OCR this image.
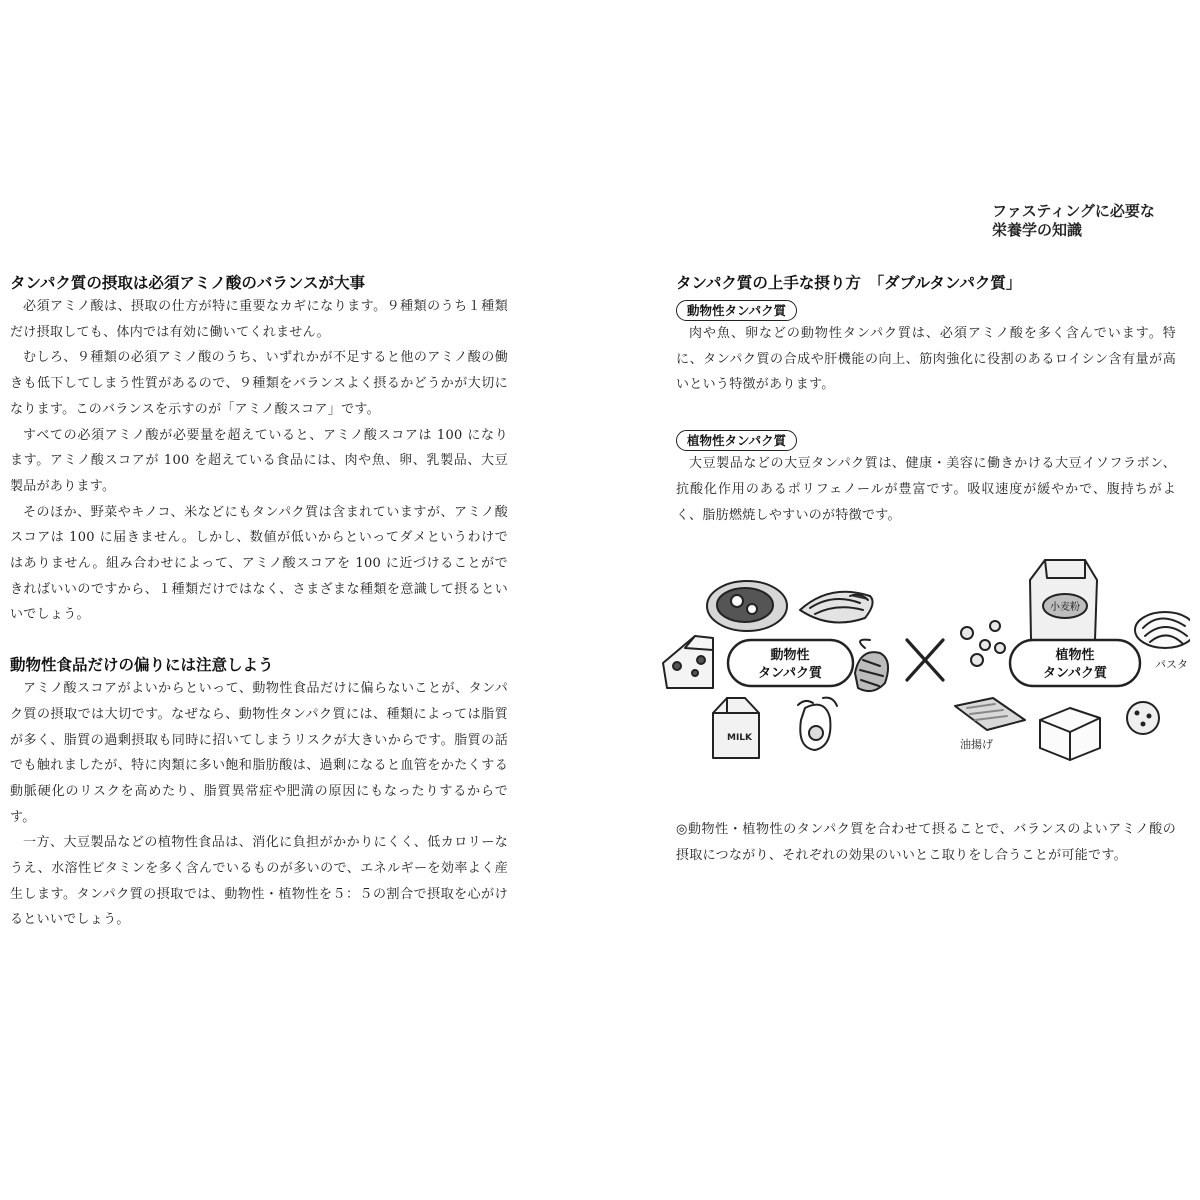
ファスティングに必要な
栄養学の知識
タンパク質の摂取は必須アミノ酸のバランスが大事

必須アミノ酸は、摂取の仕方が特に重要なカギになります。９種類のうち１種類だけ摂取しても、体内では有効に働いてくれません。

むしろ、９種類の必須アミノ酸のうち、いずれかが不足すると他のアミノ酸の働きも低下してしまう性質があるので、９種類をバランスよく摂るかどうかが大切になります。このバランスを示すのが「アミノ酸スコア」です。

すべての必須アミノ酸が必要量を超えていると、アミノ酸スコアは 100 になります。アミノ酸スコアが 100 を超えている食品には、肉や魚、卵、乳製品、大豆製品があります。

そのほか、野菜やキノコ、米などにもタンパク質は含まれていますが、アミノ酸スコアは 100 に届きません。しかし、数値が低いからといってダメというわけではありません。組み合わせによって、アミノ酸スコアを 100 に近づけることができればいいのですから、１種類だけではなく、さまざまな種類を意識して摂るといいでしょう。

動物性食品だけの偏りには注意しよう

アミノ酸スコアがよいからといって、動物性食品だけに偏らないことが、タンパク質の摂取では大切です。なぜなら、動物性タンパク質には、種類によっては脂質が多く、脂質の過剰摂取も同時に招いてしまうリスクが大きいからです。脂質の話でも触れましたが、特に肉類に多い飽和脂肪酸は、過剰になると血管をかたくする動脈硬化のリスクを高めたり、脂質異常症や肥満の原因にもなったりするからです。

一方、大豆製品などの植物性食品は、消化に負担がかかりにくく、低カロリーなうえ、水溶性ビタミンを多く含んでいるものが多いので、エネルギーを効率よく産生します。タンパク質の摂取では、動物性・植物性を５：５の割合で摂取を心がけるといいでしょう。

タンパク質の上手な摂り方　「ダブルタンパク質」
動物性タンパク質

肉や魚、卵などの動物性タンパク質は、必須アミノ酸を多く含んでいます。特に、タンパク質の合成や肝機能の向上、筋肉強化に役割のあるロイシン含有量が高いという特徴があります。

植物性タンパク質

大豆製品などの大豆タンパク質は、健康・美容に働きかける大豆イソフラボン、抗酸化作用のあるポリフェノールが豊富です。吸収速度が緩やかで、腹持ちがよく、脂肪燃焼しやすいのが特徴です。

動物性
タンパク質
MILK
小麦粉
パスタ
植物性
タンパク質
油揚げ

◎動物性・植物性のタンパク質を合わせて摂ることで、バランスのよいアミノ酸の摂取につながり、それぞれの効果のいいとこ取りをし合うことが可能です。
